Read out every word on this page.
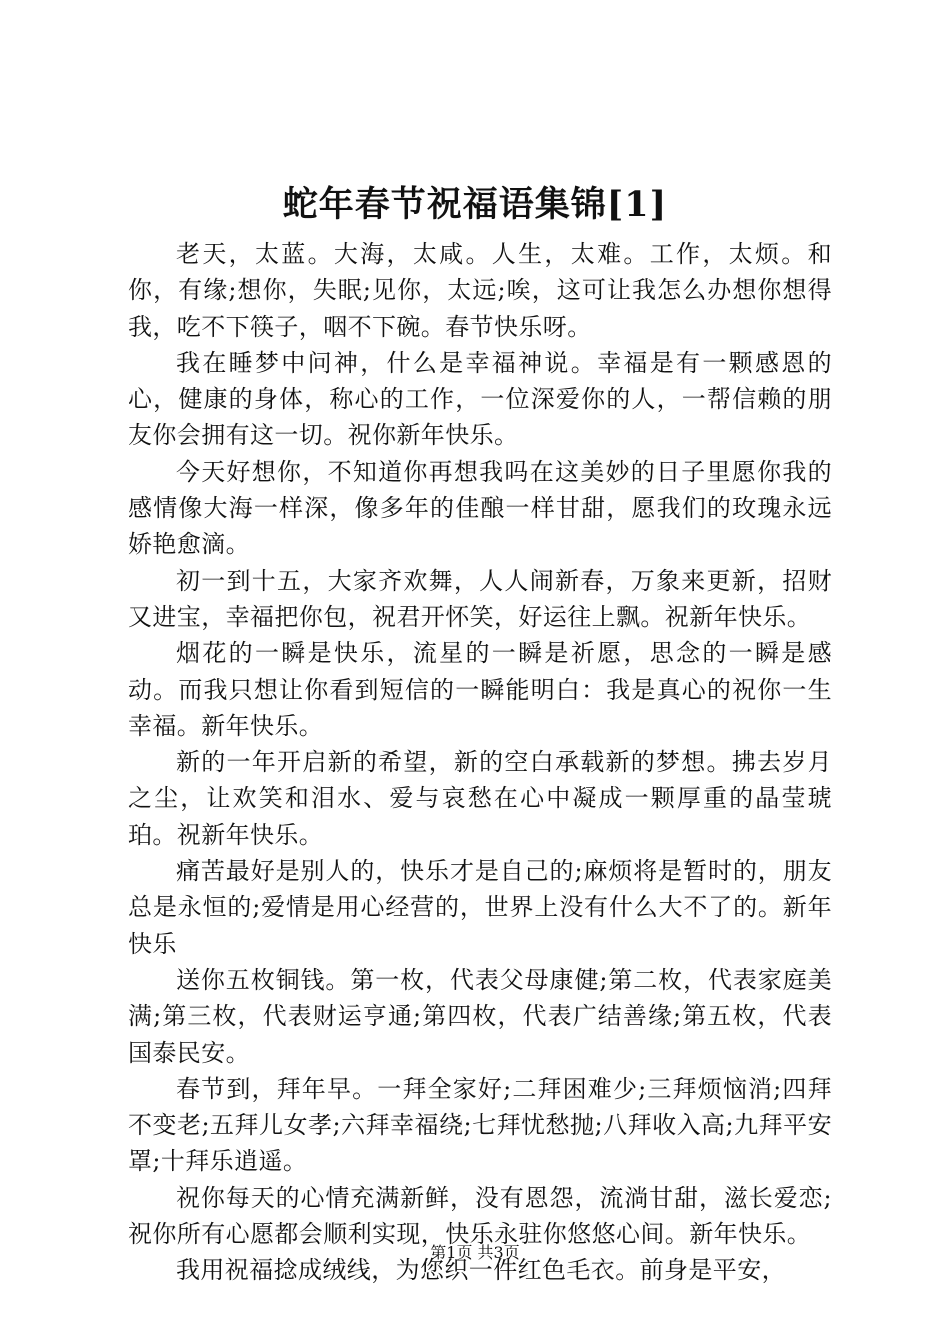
蛇年春节祝福语集锦[1]

老天，太蓝。大海，太咸。人生，太难。工作，太烦。和你，有缘;想你，失眠;见你，太远;唉，这可让我怎么办想你想得我，吃不下筷子，咽不下碗。春节快乐呀。

我在睡梦中问神，什么是幸福神说。幸福是有一颗感恩的心，健康的身体，称心的工作，一位深爱你的人，一帮信赖的朋友你会拥有这一切。祝你新年快乐。

今天好想你，不知道你再想我吗在这美妙的日子里愿你我的感情像大海一样深，像多年的佳酿一样甘甜，愿我们的玫瑰永远娇艳愈滴。

初一到十五，大家齐欢舞，人人闹新春，万象来更新，招财又进宝，幸福把你包，祝君开怀笑，好运往上飘。祝新年快乐。

烟花的一瞬是快乐，流星的一瞬是祈愿，思念的一瞬是感动。而我只想让你看到短信的一瞬能明白：我是真心的祝你一生幸福。新年快乐。

新的一年开启新的希望，新的空白承载新的梦想。拂去岁月之尘，让欢笑和泪水、爱与哀愁在心中凝成一颗厚重的晶莹琥珀。祝新年快乐。

痛苦最好是别人的，快乐才是自己的;麻烦将是暂时的，朋友总是永恒的;爱情是用心经营的，世界上没有什么大不了的。新年快乐

送你五枚铜钱。第一枚，代表父母康健;第二枚，代表家庭美满;第三枚，代表财运亨通;第四枚，代表广结善缘;第五枚，代表国泰民安。

春节到，拜年早。一拜全家好;二拜困难少;三拜烦恼消;四拜不变老;五拜儿女孝;六拜幸福绕;七拜忧愁抛;八拜收入高;九拜平安罩;十拜乐逍遥。

祝你每天的心情充满新鲜，没有恩怨，流淌甘甜，滋长爱恋;祝你所有心愿都会顺利实现，快乐永驻你悠悠心间。新年快乐。

我用祝福捻成绒线，为您织一件红色毛衣。前身是平安，

第1页 共3页
